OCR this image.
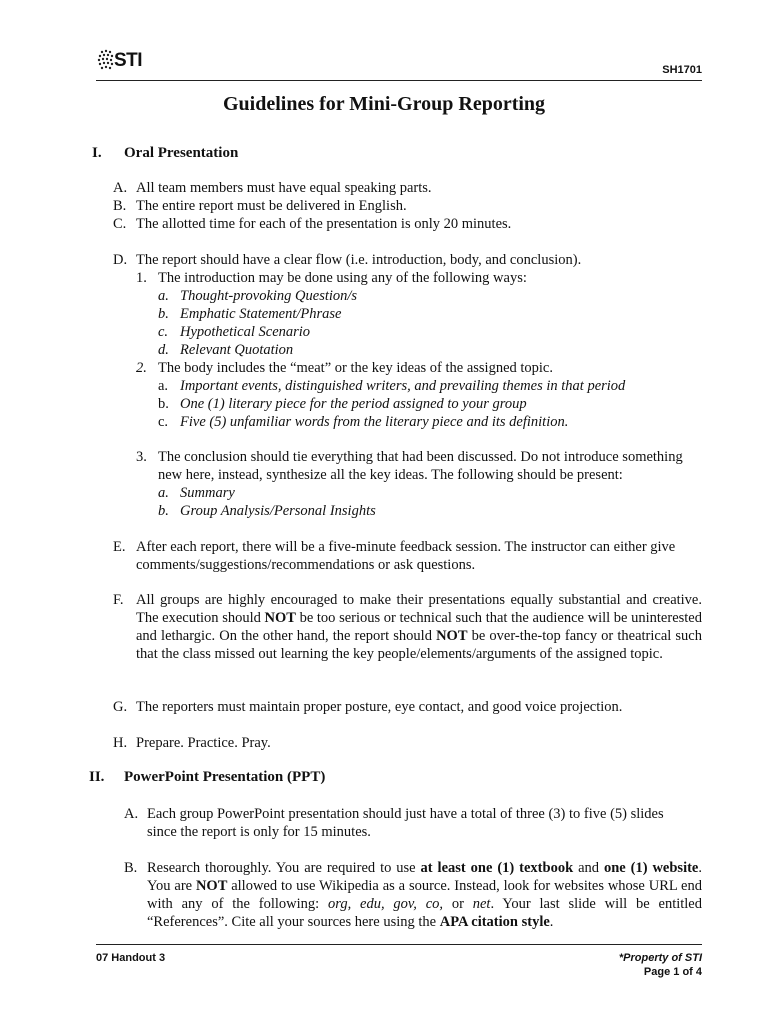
STI	SH1701
Guidelines for Mini-Group Reporting
I. Oral Presentation
A. All team members must have equal speaking parts.
B. The entire report must be delivered in English.
C. The allotted time for each of the presentation is only 20 minutes.
D. The report should have a clear flow (i.e. introduction, body, and conclusion).
1. The introduction may be done using any of the following ways:
a. Thought-provoking Question/s
b. Emphatic Statement/Phrase
c. Hypothetical Scenario
d. Relevant Quotation
2. The body includes the “meat” or the key ideas of the assigned topic.
a. Important events, distinguished writers, and prevailing themes in that period
b. One (1) literary piece for the period assigned to your group
c. Five (5) unfamiliar words from the literary piece and its definition.
3. The conclusion should tie everything that had been discussed. Do not introduce something
new here, instead, synthesize all the key ideas. The following should be present:
a. Summary
b. Group Analysis/Personal Insights
E. After each report, there will be a five-minute feedback session. The instructor can either give
comments/suggestions/recommendations or ask questions.
F. All groups are highly encouraged to make their presentations equally substantial and creative. The execution should NOT be too serious or technical such that the audience will be uninterested and lethargic. On the other hand, the report should NOT be over-the-top fancy or theatrical such that the class missed out learning the key people/elements/arguments of the assigned topic.
G. The reporters must maintain proper posture, eye contact, and good voice projection.
H. Prepare. Practice. Pray.
II. PowerPoint Presentation (PPT)
A. Each group PowerPoint presentation should just have a total of three (3) to five (5) slides
since the report is only for 15 minutes.
B. Research thoroughly. You are required to use at least one (1) textbook and one (1) website. You are NOT allowed to use Wikipedia as a source. Instead, look for websites whose URL end with any of the following: org, edu, gov, co, or net. Your last slide will be entitled “References”. Cite all your sources here using the APA citation style.
07 Handout 3	*Property of STI
Page 1 of 4
